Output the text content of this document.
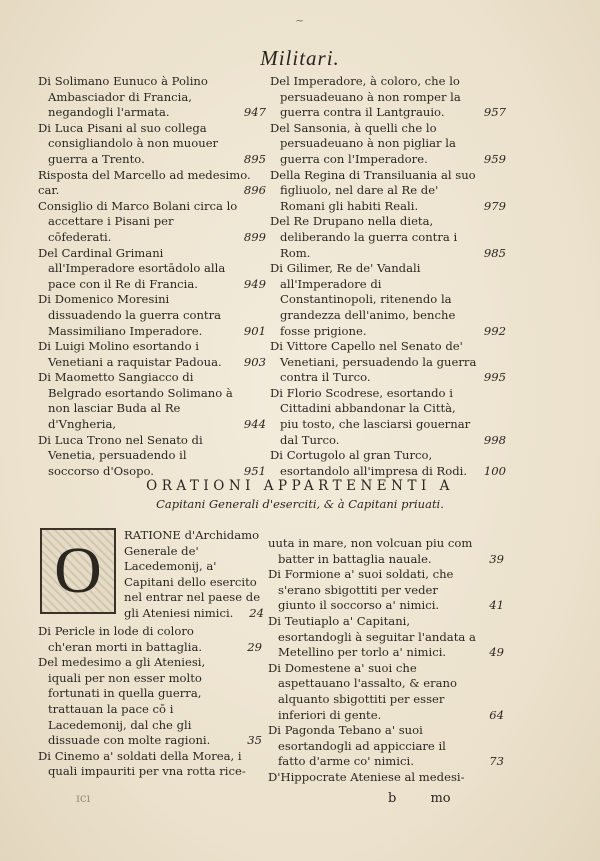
~
Militari.
Di Solimano Eunuco à Polino Ambasciador di Francia, negandogli l'armata.	947
Di Luca Pisani al suo collega consigliandolo à non muouer guerra a Trento.	895
Risposta del Marcello ad medesimo.
car.	896
Consiglio di Marco Bolani circa lo accettare i Pisani per cōfederati.	899
Del Cardinal Grimani all'Imperadore esortādolo alla pace con il Re di Francia.	949
Di Domenico Moresini dissuadendo la guerra contra Massimiliano Imperadore.	901
Di Luigi Molino esortando i Venetiani a raquistar Padoua. 903
Di Maometto Sangiacco di Belgrado esortando Solimano à non lasciar Buda al Re d'Vngheria,	944
Di Luca Trono nel Senato di Venetia, persuadendo il soccorso d'Osopo.	951
Del Imperadore, à coloro, che lo persuadeuano à non romper la guerra contra il Lantgrauio.	957
Del Sansonia, à quelli che lo persuadeuano à non pigliar la guerra con l'Imperadore.	959
Della Regina di Transiluania al suo figliuolo, nel dare al Re de' Romani gli habiti Reali.	979
Del Re Drupano nella dieta, deliberando la guerra contra i Rom.	985
Di Gilimer, Re de' Vandali all'Imperadore di Constantinopoli, ritenendo la grandezza dell'animo, benche fosse prigione.	992
Di Vittore Capello nel Senato de' Venetiani, persuadendo la guerra contra il Turco.	995
Di Florio Scodrese, esortando i Cittadini abbandonar la Città, piu tosto, che lasciarsi gouernar dal Turco.	998
Di Cortugolo al gran Turco, esortandolo all'impresa di Rodi. 100
ORATIONI APPARTENENTI A
Capitani Generali d'eserciti, & à Capitani priuati.
O	RATIONE d'Archidamo Generale de' Lacedemonij, a' Capitani dello esercito nel entrar nel paese de gli Ateniesi nimici. 24
Di Pericle in lode di coloro ch'eran morti in battaglia.	29
Del medesimo a gli Ateniesi, iquali per non esser molto fortunati in quella guerra, trattauan la pace cō i Lacedemonij, dal che gli dissuade con molte ragioni.	35
Di Cinemo a' soldati della Morea, i quali impauriti per vna rotta rice-
uuta in mare, non volcuan piu com batter in battaglia nauale.	39
Di Formione a' suoi soldati, che s'erano sbigottiti per veder giunto il soccorso a' nimici.	41
Di Teutiaplo a' Capitani, esortandogli à seguitar l'andata a Metellino per torlo a' nimici.	49
Di Domestene a' suoi che aspettauano l'assalto, & erano alquanto sbigottiti per esser inferiori di gente.	64
Di Pagonda Tebano a' suoi esortandogli ad appicciare il fatto d'arme co' nimici.	73
D'Hippocrate Ateniese al medesi-
ɪcı	b	mo
